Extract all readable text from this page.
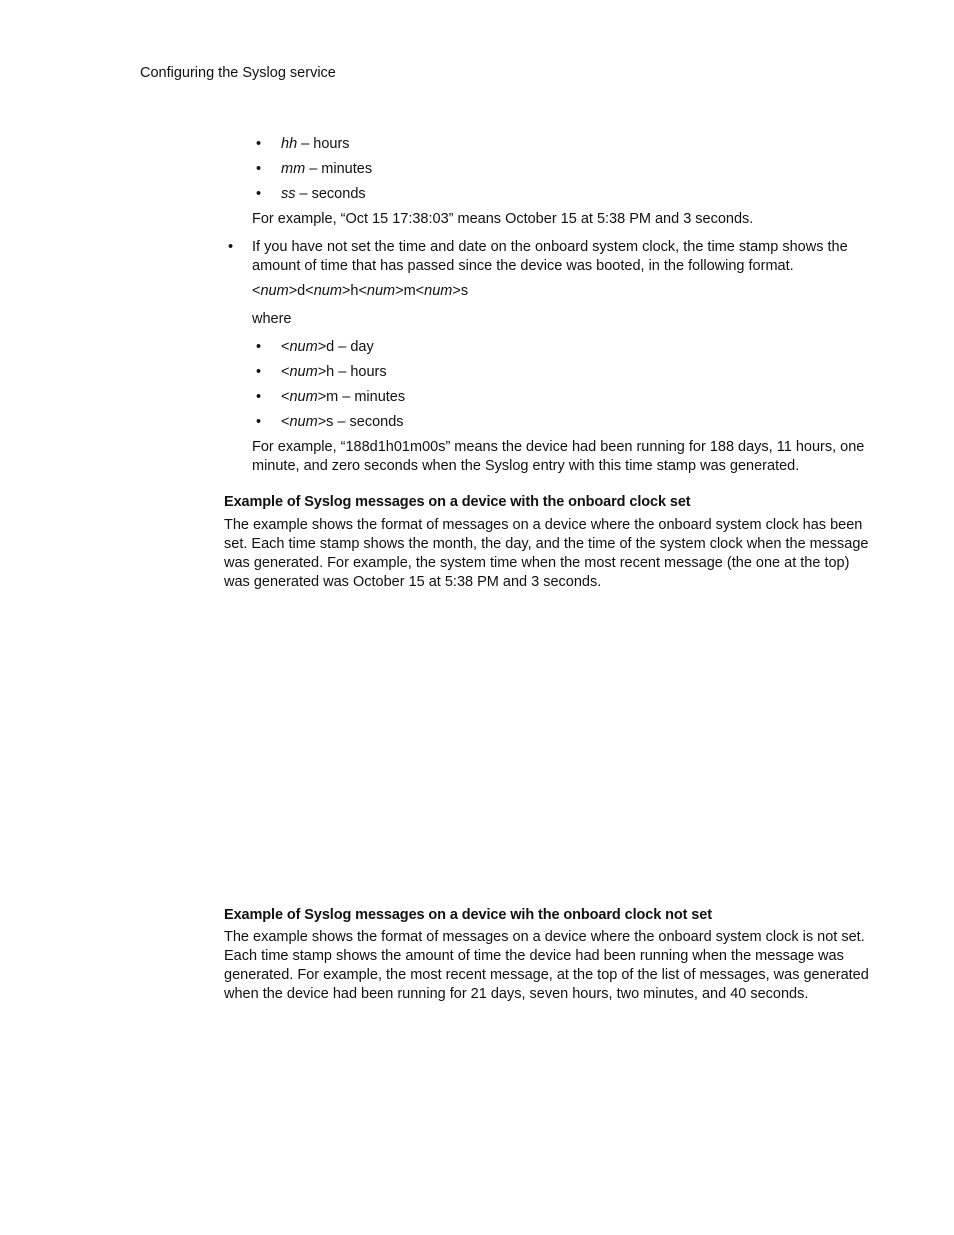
Configuring the Syslog service
• hh – hours
• mm – minutes
• ss – seconds

For example, “Oct 15 17:38:03” means October 15 at 5:38 PM and 3 seconds.

• If you have not set the time and date on the onboard system clock, the time stamp shows the amount of time that has passed since the device was booted, in the following format.

<num>d<num>h<num>m<num>s

where

• <num>d – day
• <num>h – hours
• <num>m – minutes
• <num>s – seconds

For example, “188d1h01m00s” means the device had been running for 188 days, 11 hours, one minute, and zero seconds when the Syslog entry with this time stamp was generated.

Example of Syslog messages on a device with the onboard clock set

The example shows the format of messages on a device where the onboard system clock has been set. Each time stamp shows the month, the day, and the time of the system clock when the message was generated. For example, the system time when the most recent message (the one at the top) was generated was October 15 at 5:38 PM and 3 seconds.

Example of Syslog messages on a device wih the onboard clock not set

The example shows the format of messages on a device where the onboard system clock is not set. Each time stamp shows the amount of time the device had been running when the message was generated. For example, the most recent message, at the top of the list of messages, was generated when the device had been running for 21 days, seven hours, two minutes, and 40 seconds.
